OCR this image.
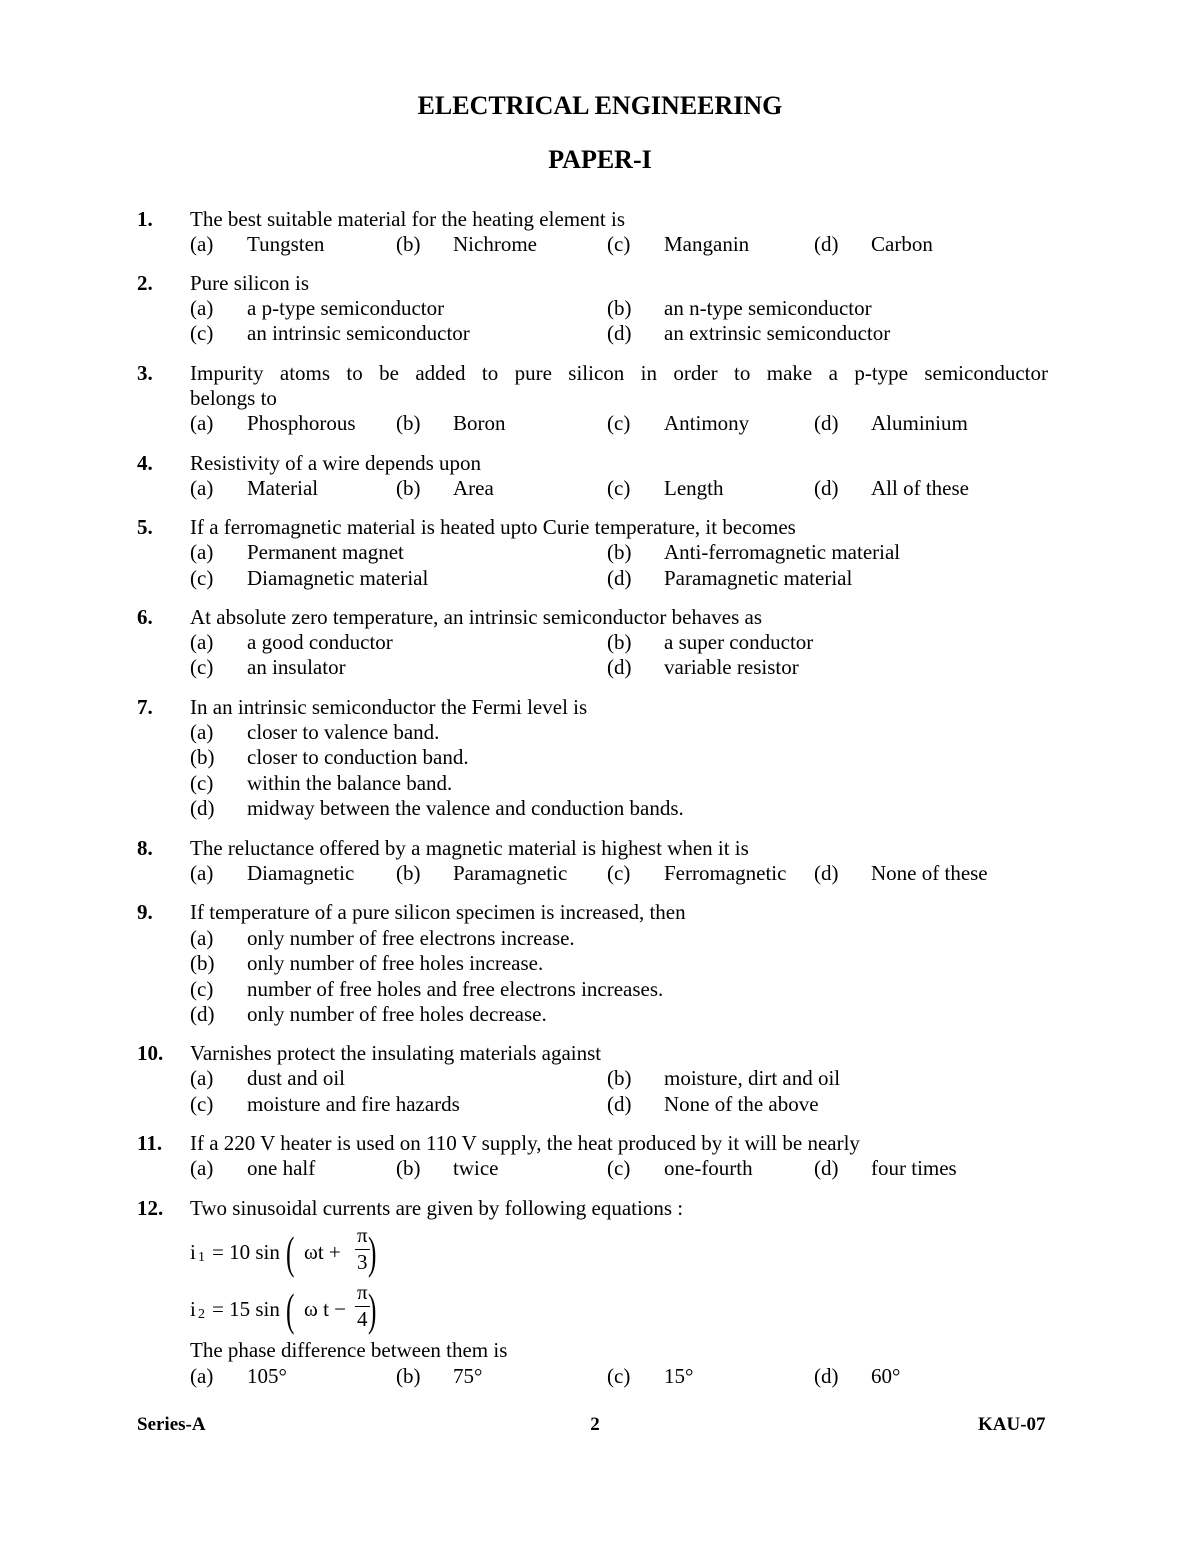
ELECTRICAL ENGINEERING
PAPER-I
1. The best suitable material for the heating element is
(a) Tungsten	(b) Nichrome	(c) Manganin	(d) Carbon
2. Pure silicon is
(a) a p-type semiconductor	(b) an n-type semiconductor
(c) an intrinsic semiconductor	(d) an extrinsic semiconductor
3. Impurity atoms to be added to pure silicon in order to make a p-type semiconductor
belongs to
(a) Phosphorous (b) Boron	(c) Antimony	(d) Aluminium
4. Resistivity of a wire depends upon
(a) Material	(b) Area	(c) Length	(d) All of these
5. If a ferromagnetic material is heated upto Curie temperature, it becomes
(a) Permanent magnet	(b) Anti-ferromagnetic material
(c) Diamagnetic material	(d) Paramagnetic material
6. At absolute zero temperature, an intrinsic semiconductor behaves as
(a) a good conductor	(b) a super conductor
(c) an insulator	(d) variable resistor
7. In an intrinsic semiconductor the Fermi level is
(a) closer to valence band.
(b) closer to conduction band.
(c) within the balance band.
(d) midway between the valence and conduction bands.
8. The reluctance offered by a magnetic material is highest when it is
(a) Diamagnetic (b) Paramagnetic (c) Ferromagnetic (d) None of these
9. If temperature of a pure silicon specimen is increased, then
(a) only number of free electrons increase.
(b) only number of free holes increase.
(c) number of free holes and free electrons increases.
(d) only number of free holes decrease.
10. Varnishes protect the insulating materials against
(a) dust and oil	(b) moisture, dirt and oil
(c) moisture and fire hazards	(d) None of the above
11. If a 220 V heater is used on 110 V supply, the heat produced by it will be nearly
(a) one half	(b) twice	(c) one-fourth	(d) four times
12. Two sinusoidal currents are given by following equations :
i 1 = 10 sin ( ωt +
π
3 )
i 2 = 15 sin ( ω t −
π
4 )
The phase difference between them is
(a) 105°	(b) 75°	(c) 15°	(d) 60°
Series-A	2	KAU-07
